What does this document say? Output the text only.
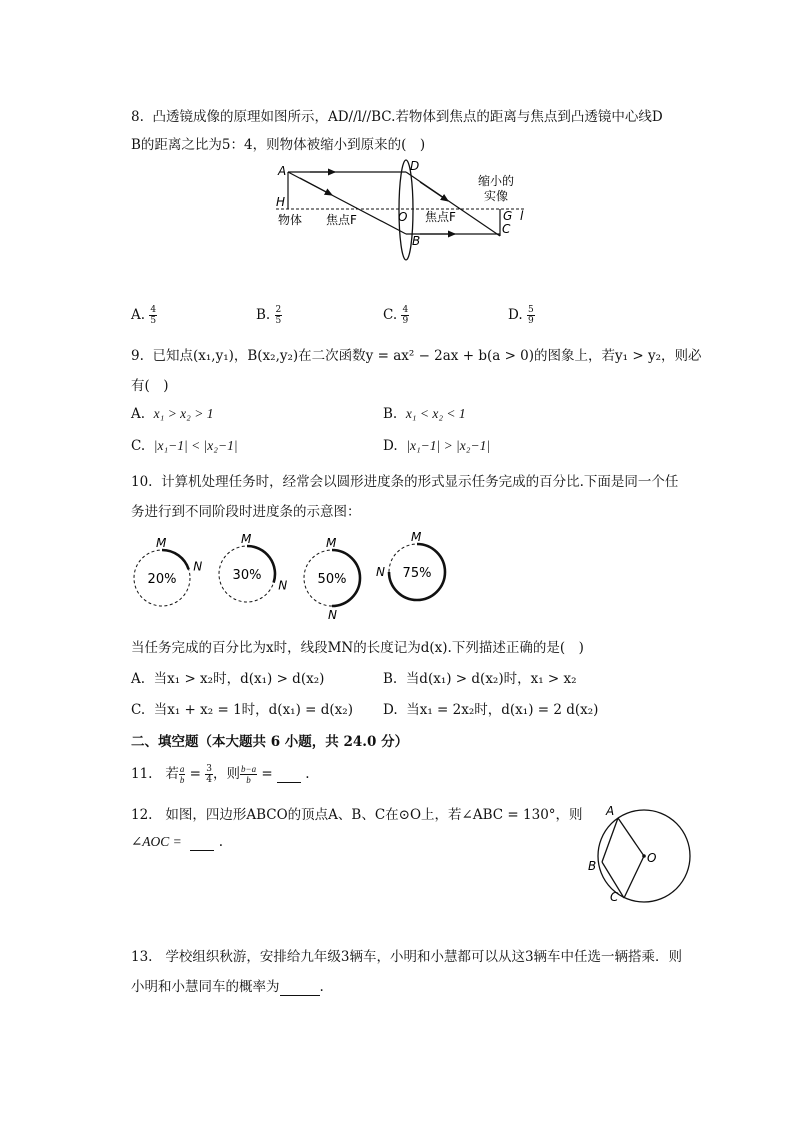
8. 凸透镜成像的原理如图所示，AD//l//BC.若物体到焦点的距离与焦点到凸透镜中心线D
B的距离之比为5：4，则物体被缩小到原来的(　)
A	D
H
物体 焦点F	O 焦点F
B
缩小的
实像
G
C
l
A. $\frac{4}{5}$	B. $\frac{2}{5}$	C. $\frac{4}{9}$	D. $\frac{5}{9}$
9. 已知点(x₁,y₁)，B(x₂,y₂)在二次函数y = ax² − 2ax + b(a > 0)的图象上，若y₁ > y₂，则必
有(　)
A. x₁ > x₂ > 1	B. x₁ < x₂ < 1
C. |x₁−1| < |x₂−1|	D. |x₁−1| > |x₂−1|
10. 计算机处理任务时，经常会以圆形进度条的形式显示任务完成的百分比.下面是同一个任
务进行到不同阶段时进度条的示意图：
20%
M
N
30%
M
N 50%
M
N
75%
M
N
当任务完成的百分比为x时，线段MN的长度记为d(x).下列描述正确的是(　)
A. 当x₁ > x₂时，d(x₁) > d(x₂)	B. 当d(x₁) > d(x₂)时，x₁ > x₂
C. 当x₁ + x₂ = 1时，d(x₁) = d(x₂) D. 当x₁ = 2x₂时，d(x₁) = 2 d(x₂)
二、填空题（本大题共 6 小题，共 24.0 分）
11. 若 $\frac{a}{b} = \frac{3}{4}$ ，则 $\frac{b-a}{b}$ = .
12. 如图，四边形ABCO的顶点A、B、C在⊙O上，若∠ABC = 130°，则
∠AOC =	.
A
B
C
O
13. 学校组织秋游，安排给九年级3辆车，小明和小慧都可以从这3辆车中任选一辆搭乘．则
小明和小慧同车的概率为	.
